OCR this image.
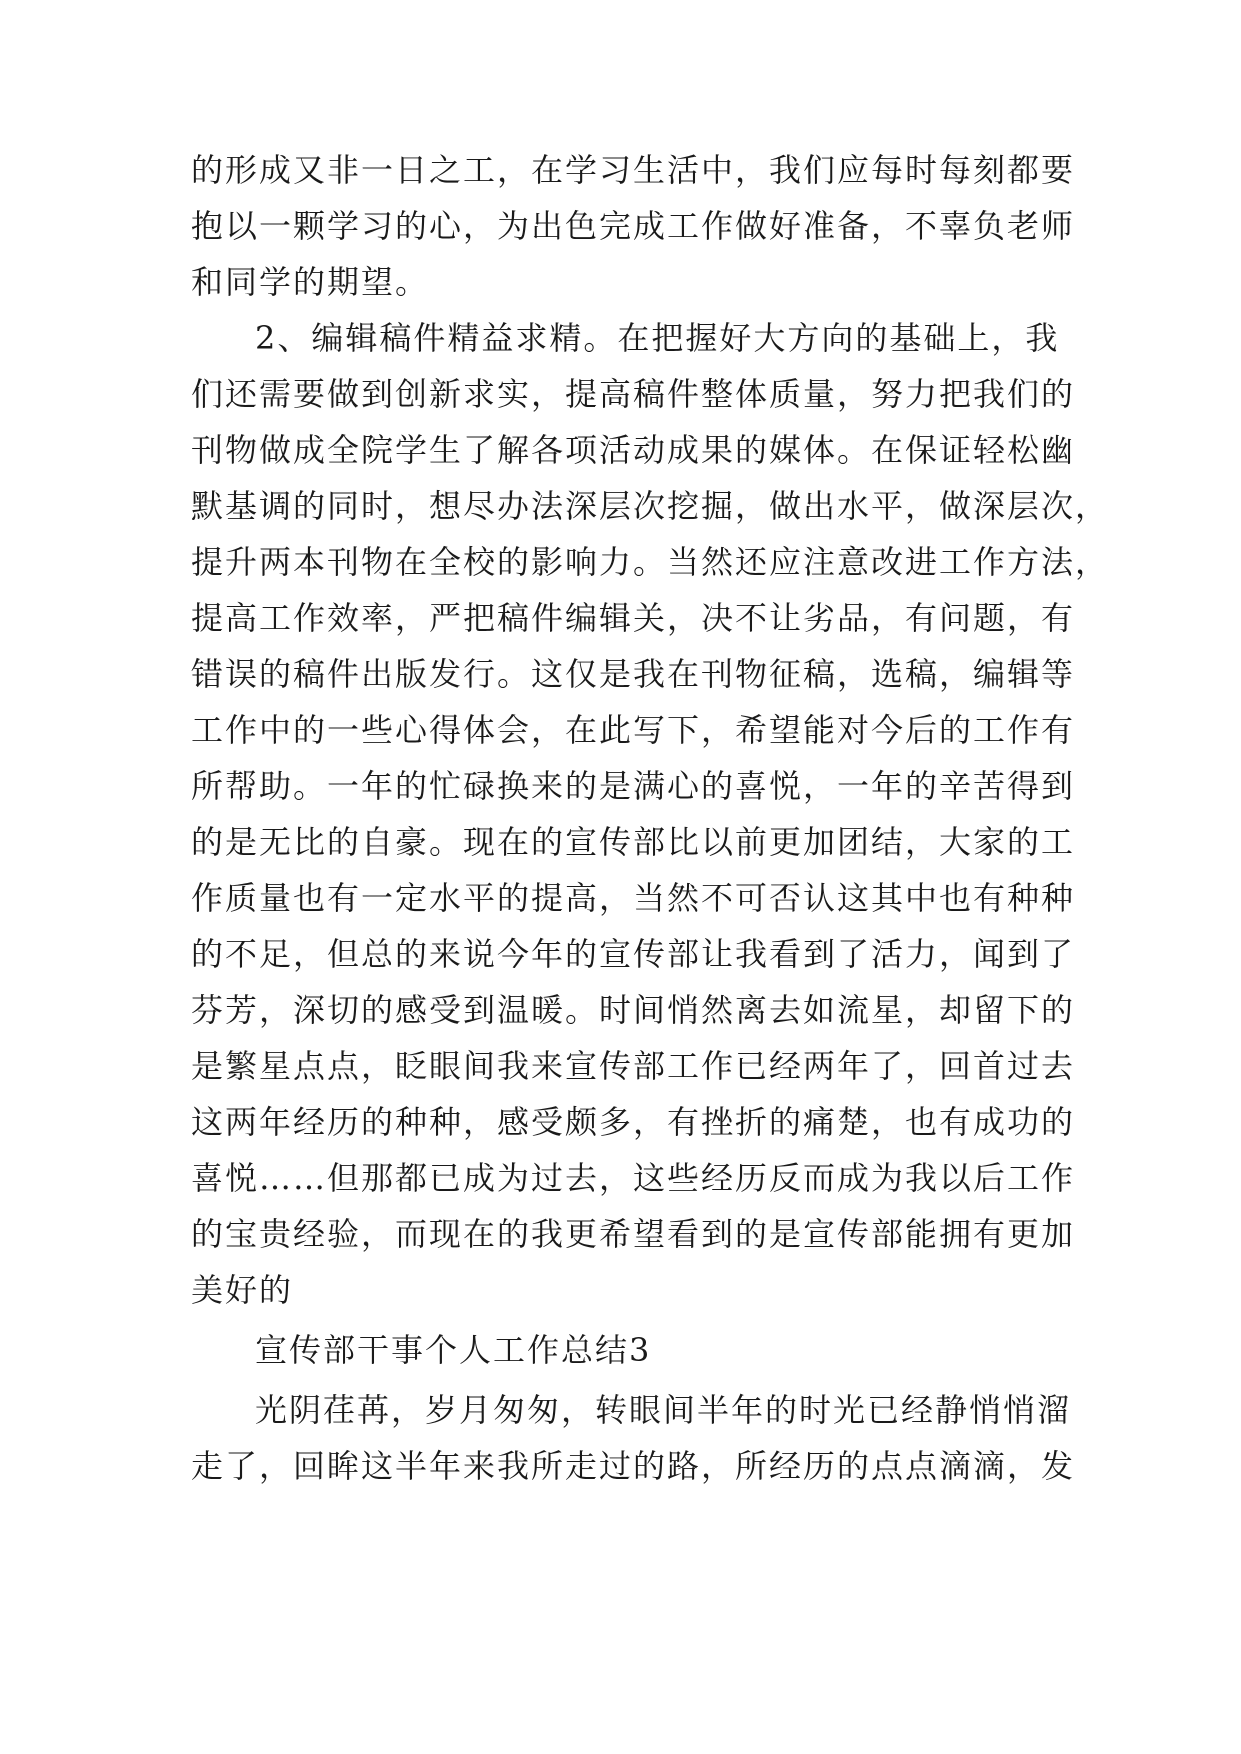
的形成又非一日之工，在学习生活中，我们应每时每刻都要
抱以一颗学习的心，为出色完成工作做好准备，不辜负老师
和同学的期望。
2、编辑稿件精益求精。在把握好大方向的基础上，我
们还需要做到创新求实，提高稿件整体质量，努力把我们的
刊物做成全院学生了解各项活动成果的媒体。在保证轻松幽
默基调的同时，想尽办法深层次挖掘，做出水平，做深层次，
提升两本刊物在全校的影响力。当然还应注意改进工作方法，
提高工作效率，严把稿件编辑关，决不让劣品，有问题，有
错误的稿件出版发行。这仅是我在刊物征稿，选稿，编辑等
工作中的一些心得体会，在此写下，希望能对今后的工作有
所帮助。一年的忙碌换来的是满心的喜悦，一年的辛苦得到
的是无比的自豪。现在的宣传部比以前更加团结，大家的工
作质量也有一定水平的提高，当然不可否认这其中也有种种
的不足，但总的来说今年的宣传部让我看到了活力，闻到了
芬芳，深切的感受到温暖。时间悄然离去如流星，却留下的
是繁星点点，眨眼间我来宣传部工作已经两年了，回首过去
这两年经历的种种，感受颇多，有挫折的痛楚，也有成功的
喜悦……但那都已成为过去，这些经历反而成为我以后工作
的宝贵经验，而现在的我更希望看到的是宣传部能拥有更加
美好的
宣传部干事个人工作总结3
光阴荏苒，岁月匆匆，转眼间半年的时光已经静悄悄溜
走了，回眸这半年来我所走过的路，所经历的点点滴滴，发
